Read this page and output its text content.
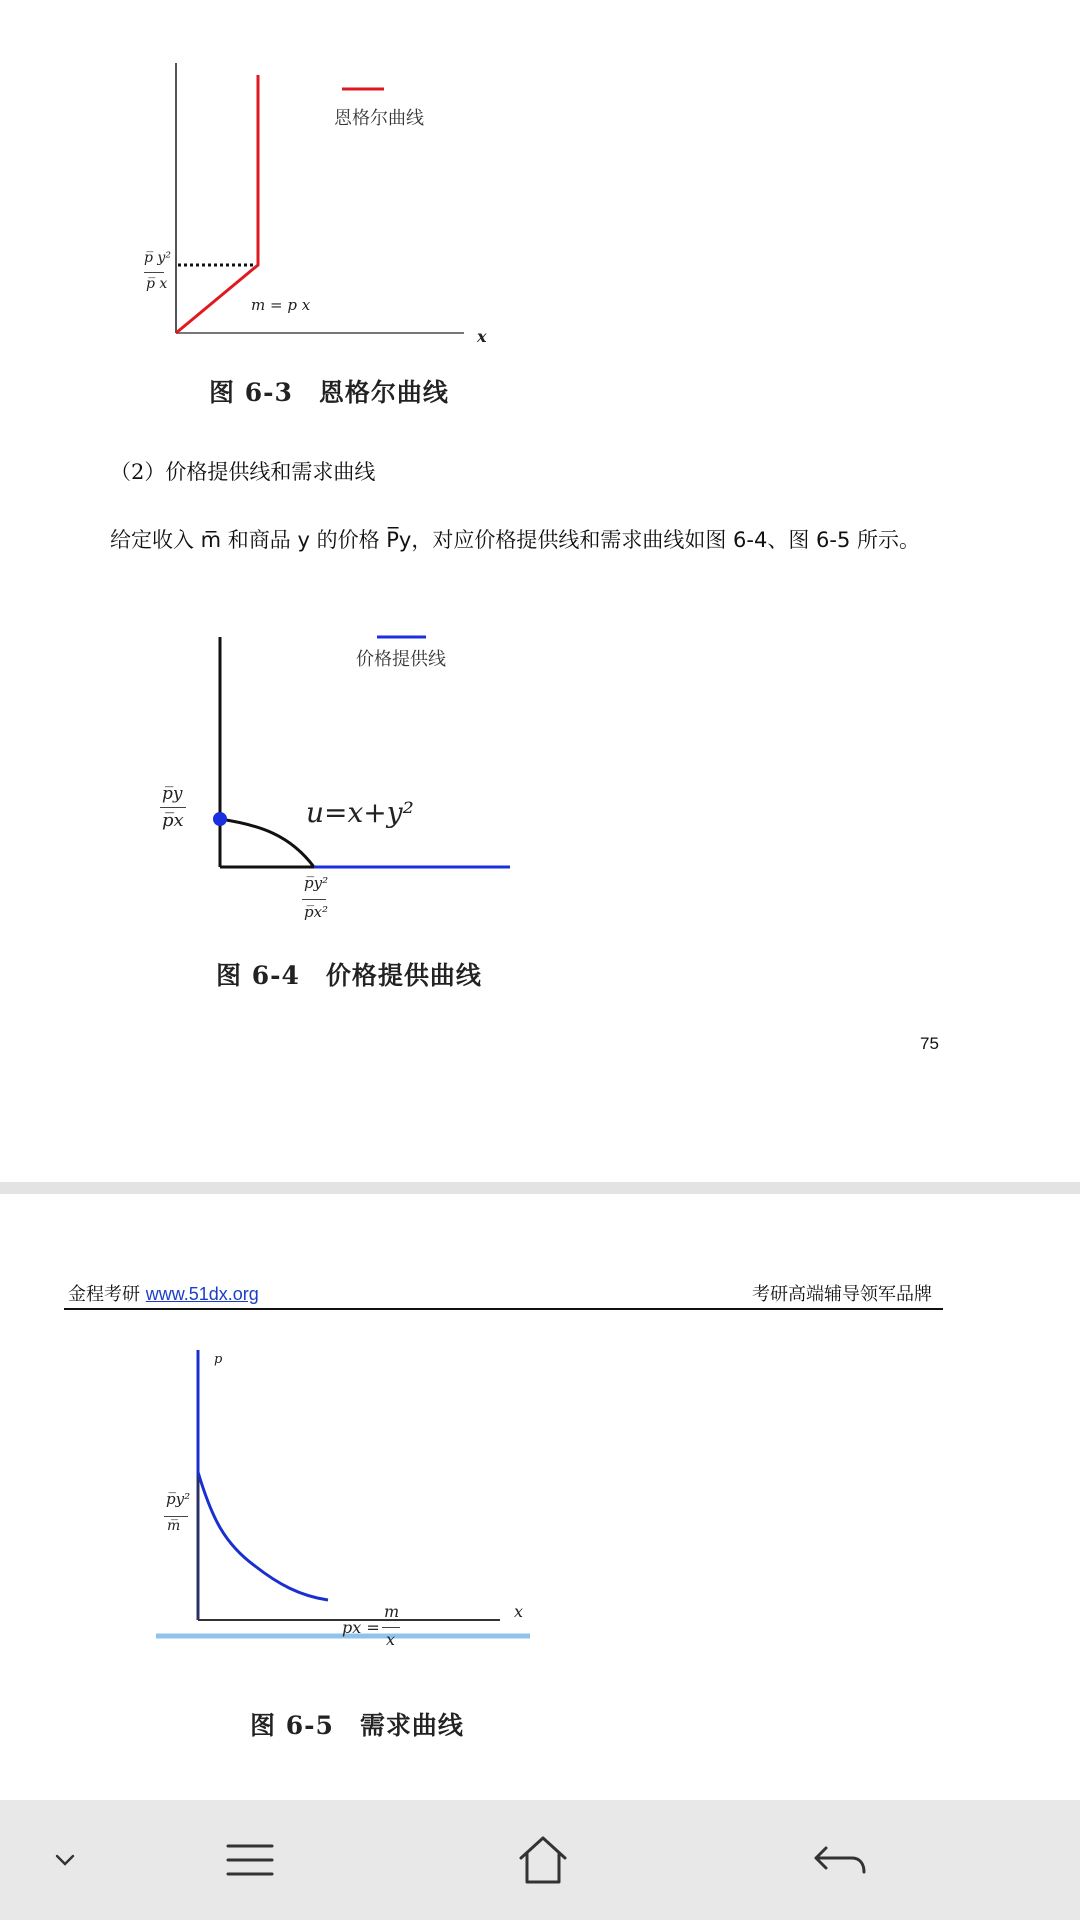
恩格尔曲线
p̅ y²
p̅ x
m = p x
x
图 6-3　恩格尔曲线
（2）价格提供线和需求曲线
给定收入 m̅ 和商品 y 的价格 P̅y，对应价格提供线和需求曲线如图 6-4、图 6-5 所示。
价格提供线
p̅y
p̅x	u=x+y²
p̅y²
p̅x²
图 6-4　价格提供曲线
75
金程考研 www.51dx.org	考研高端辅导领军品牌
p
p̅y²
m̅
px =
m
x
x
图 6-5　需求曲线
